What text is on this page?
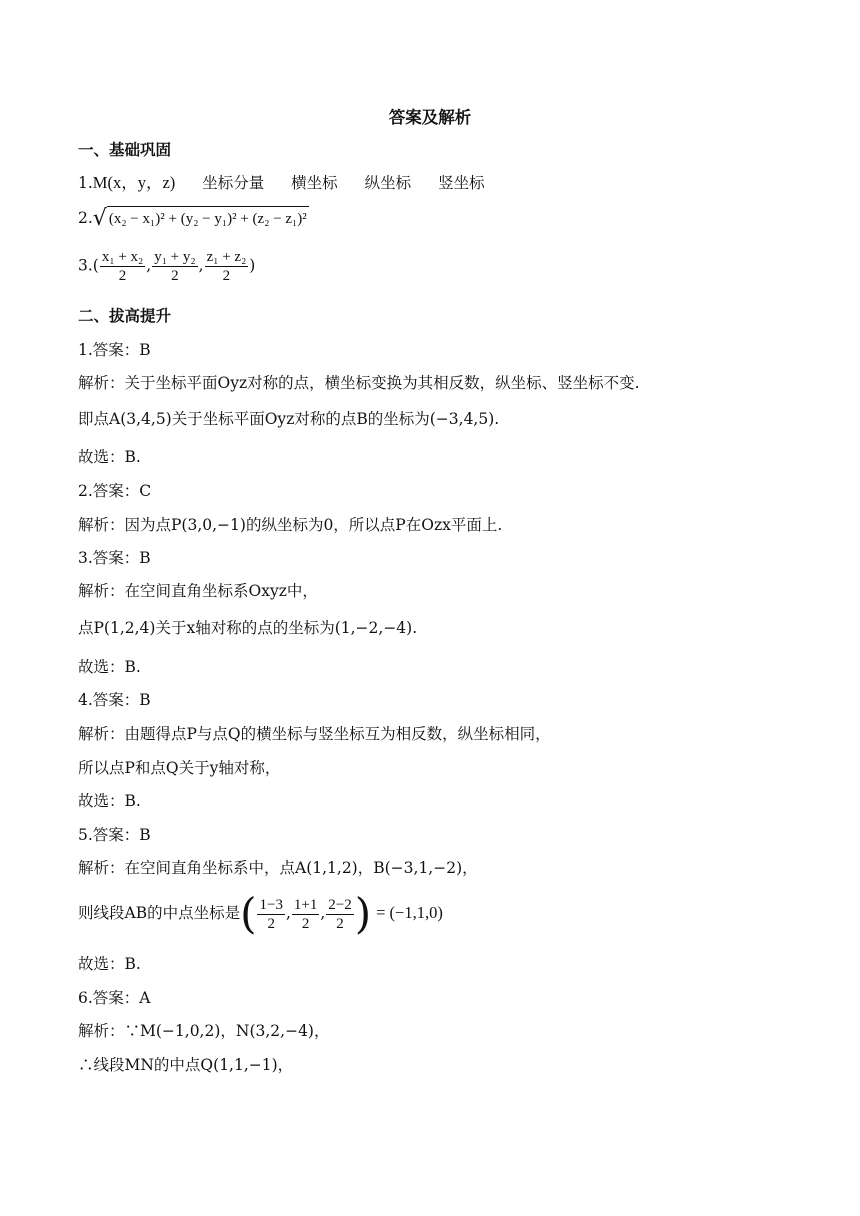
答案及解析
一、基础巩固
1.M(x，y，z) 坐标分量 横坐标 纵坐标 竖坐标
2. √ (x₂ − x₁)² + (y₂ − y₁)² + (z₂ − z₁)²
$3.( \frac{\text{x₁ + x₂}}{2}$ , $\frac{\text{y₁ + y₂}}{2}$ , $\frac{\text{z₁ + z₂}}{2}$ )
二、拔高提升
1.答案：B
解析：关于坐标平面Oyz对称的点，横坐标变换为其相反数，纵坐标、竖坐标不变.
即点A(3,4,5)关于坐标平面Oyz对称的点B的坐标为(−3,4,5).
故选：B.
2.答案：C
解析：因为点P(3,0,−1)的纵坐标为0，所以点P在Ozx平面上.
3.答案：B
解析：在空间直角坐标系Oxyz中，
点P(1,2,4)关于x轴对称的点的坐标为(1,−2,−4).
故选：B.
4.答案：B
解析：由题得点P与点Q的横坐标与竖坐标互为相反数，纵坐标相同，
所以点P和点Q关于y轴对称，
故选：B.
5.答案：B
解析：在空间直角坐标系中，点A(1,1,2)，B(−3,1,−2)，
则线段AB的中点坐标是( $\frac{1-3}{2}$ , $\frac{1+1}{2}$ , $\frac{2-2}{2}$ ) = (−1,1,0)
故选：B.
6.答案：A
解析：∵M(−1,0,2)，N(3,2,−4)，
∴线段MN的中点Q(1,1,−1)，
